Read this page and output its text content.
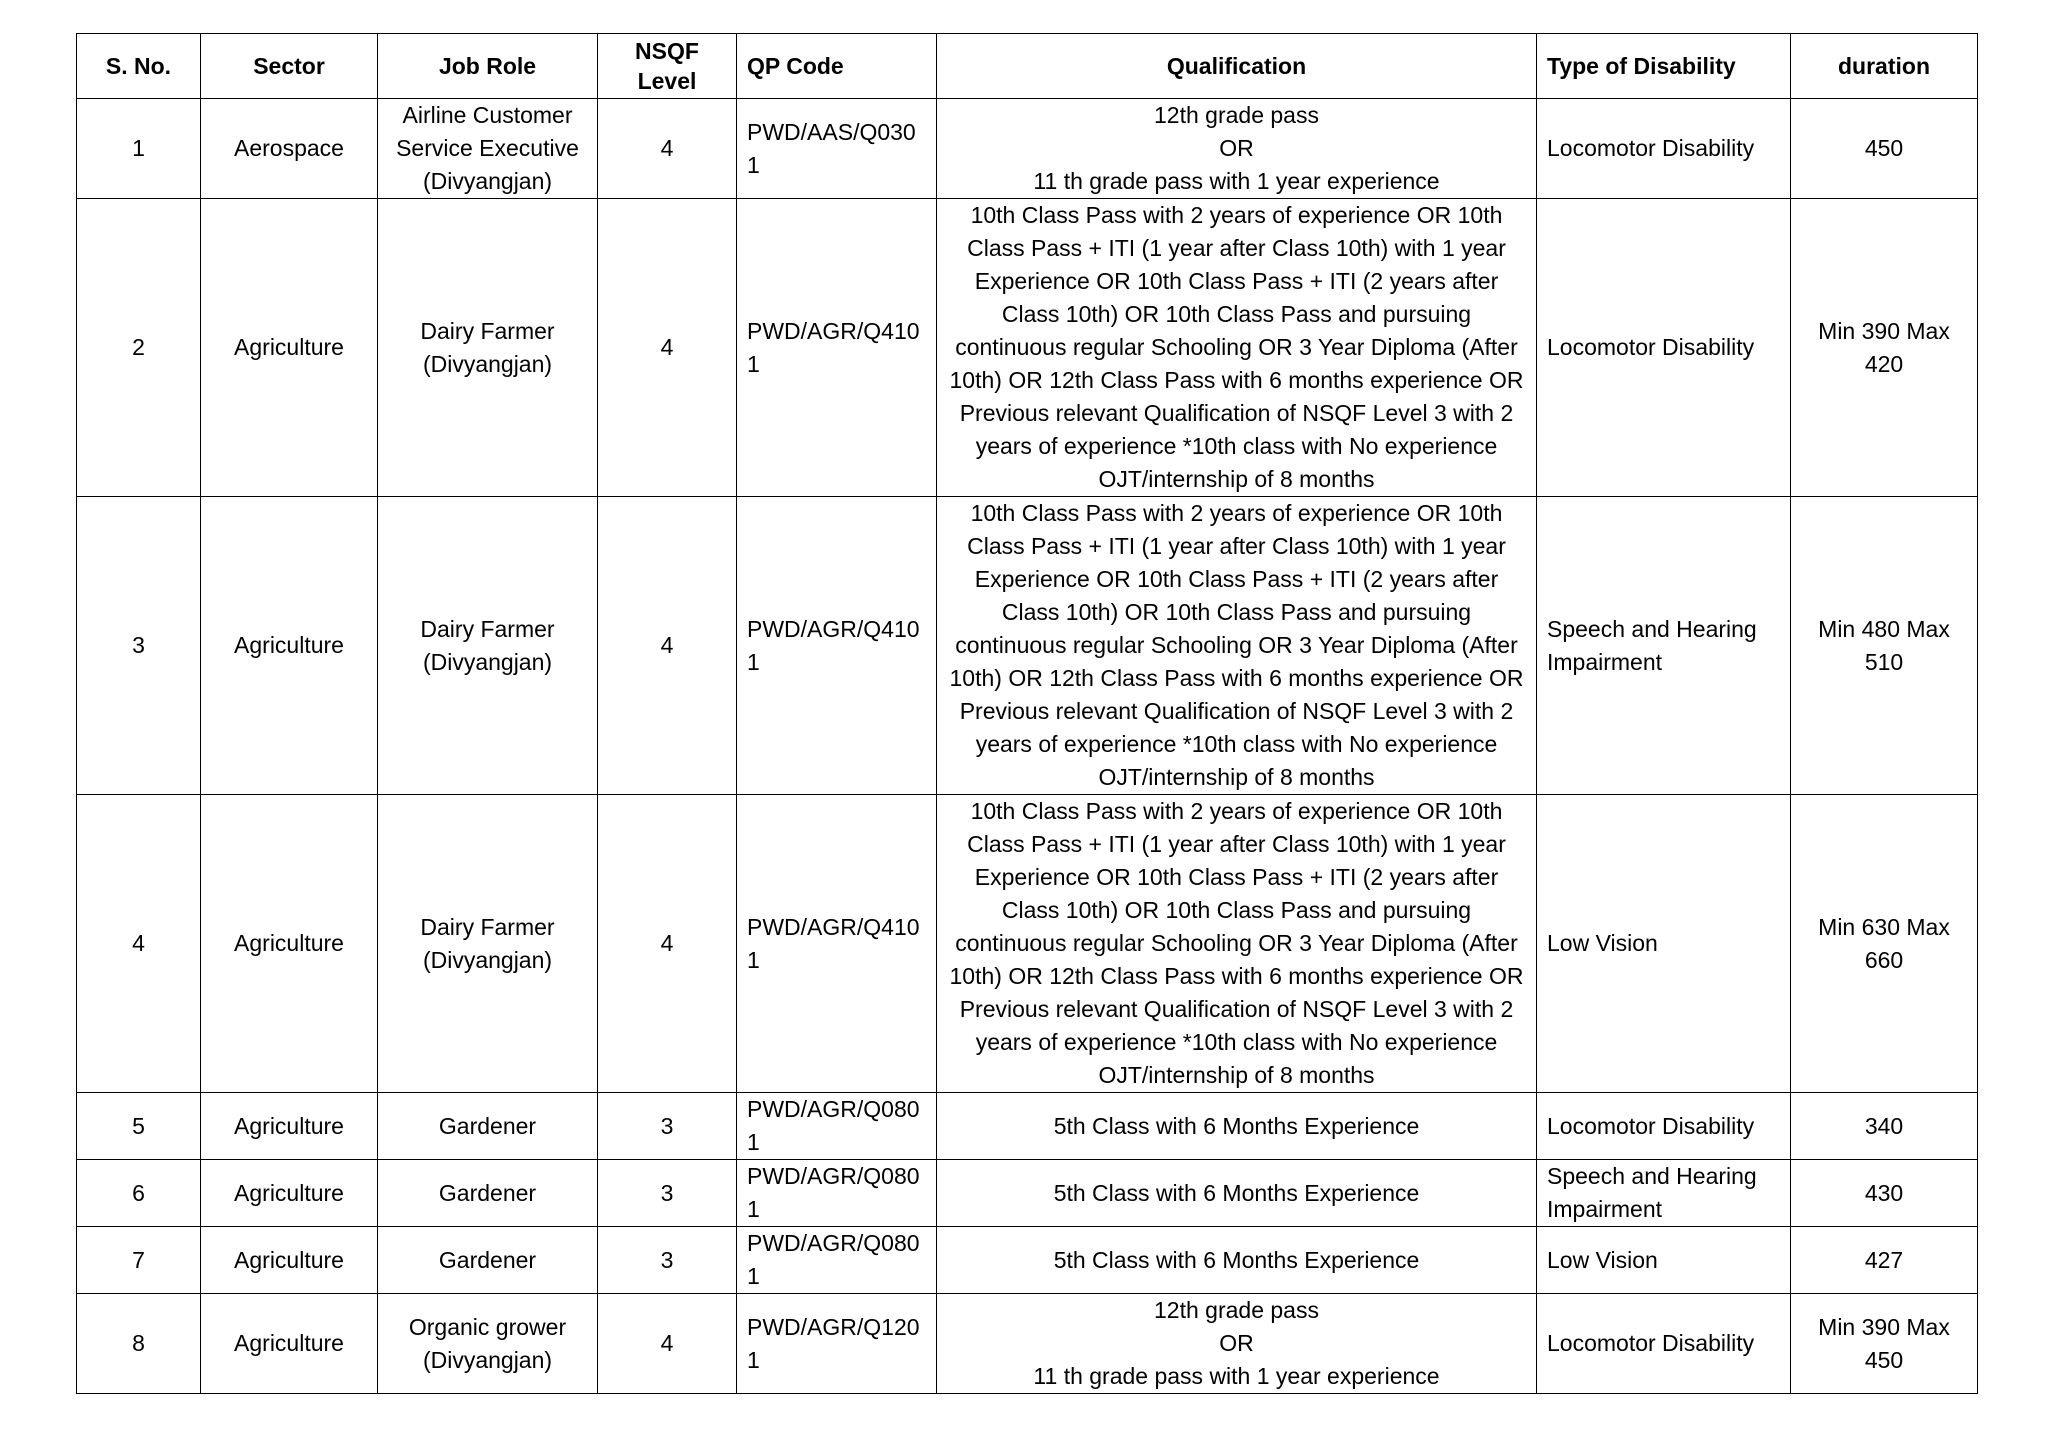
S. No.	Sector	Job Role	NSQF Level	QP Code	Qualification	Type of Disability	duration
1	Aerospace	Airline Customer Service Executive (Divyangjan)	4	PWD/AAS/Q0301	12th grade pass
OR
11 th grade pass with 1 year experience	Locomotor Disability	450
2	Agriculture	Dairy Farmer (Divyangjan)	4	PWD/AGR/Q4101	10th Class Pass with 2 years of experience OR 10th Class Pass + ITI (1 year after Class 10th) with 1 year Experience OR 10th Class Pass + ITI (2 years after Class 10th) OR 10th Class Pass and pursuing continuous regular Schooling OR 3 Year Diploma (After 10th) OR 12th Class Pass with 6 months experience OR Previous relevant Qualification of NSQF Level 3 with 2 years of experience *10th class with No experience OJT/internship of 8 months	Locomotor Disability	Min 390 Max 420
3	Agriculture	Dairy Farmer (Divyangjan)	4	PWD/AGR/Q4101	10th Class Pass with 2 years of experience OR 10th Class Pass + ITI (1 year after Class 10th) with 1 year Experience OR 10th Class Pass + ITI (2 years after Class 10th) OR 10th Class Pass and pursuing continuous regular Schooling OR 3 Year Diploma (After 10th) OR 12th Class Pass with 6 months experience OR Previous relevant Qualification of NSQF Level 3 with 2 years of experience *10th class with No experience OJT/internship of 8 months	Speech and Hearing Impairment	Min 480 Max 510
4	Agriculture	Dairy Farmer (Divyangjan)	4	PWD/AGR/Q4101	10th Class Pass with 2 years of experience OR 10th Class Pass + ITI (1 year after Class 10th) with 1 year Experience OR 10th Class Pass + ITI (2 years after Class 10th) OR 10th Class Pass and pursuing continuous regular Schooling OR 3 Year Diploma (After 10th) OR 12th Class Pass with 6 months experience OR Previous relevant Qualification of NSQF Level 3 with 2 years of experience *10th class with No experience OJT/internship of 8 months	Low Vision	Min 630 Max 660
5	Agriculture	Gardener	3	PWD/AGR/Q0801	5th Class with 6 Months Experience	Locomotor Disability	340
6	Agriculture	Gardener	3	PWD/AGR/Q0801	5th Class with 6 Months Experience	Speech and Hearing Impairment	430
7	Agriculture	Gardener	3	PWD/AGR/Q0801	5th Class with 6 Months Experience	Low Vision	427
8	Agriculture	Organic grower (Divyangjan)	4	PWD/AGR/Q1201	12th grade pass
OR
11 th grade pass with 1 year experience	Locomotor Disability	Min 390 Max 450
